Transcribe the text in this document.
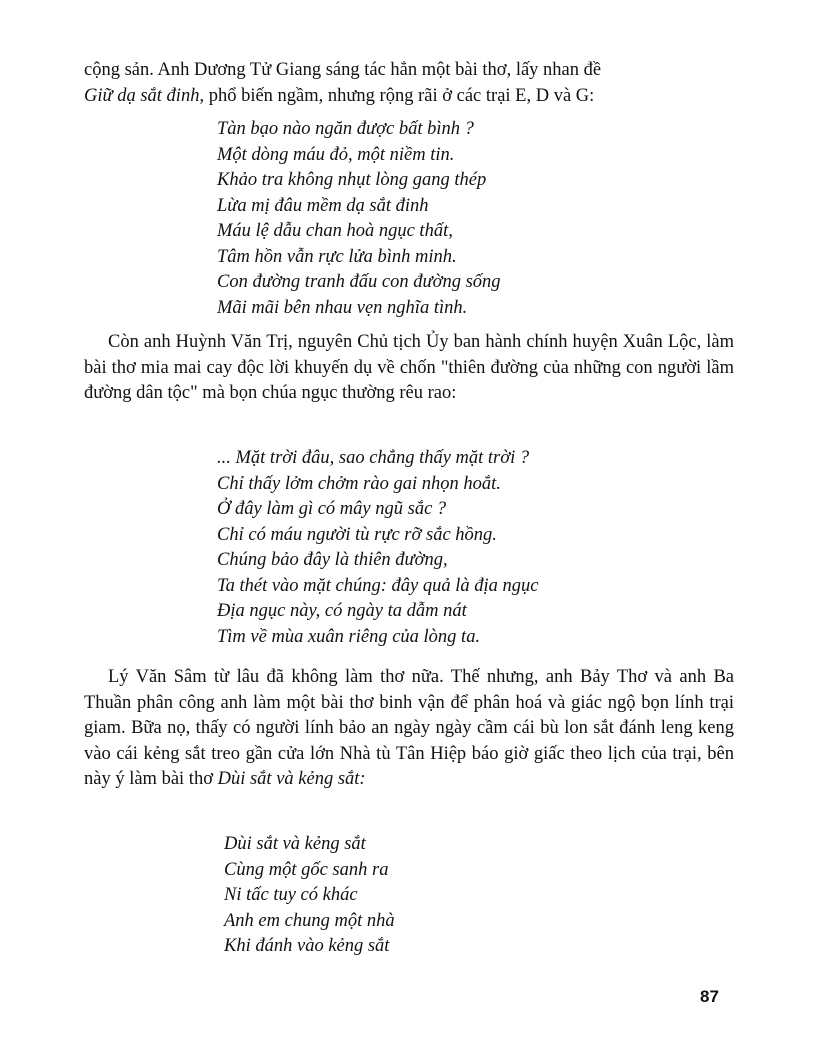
cộng sản. Anh Dương Tử Giang sáng tác hẳn một bài thơ, lấy nhan đề
Giữ dạ sắt đinh, phổ biến ngầm, nhưng rộng rãi ở các trại E, D và G:

Tàn bạo nào ngăn được bất bình ?
Một dòng máu đỏ, một niềm tin.
Khảo tra không nhụt lòng gang thép
Lừa mị đâu mềm dạ sắt đinh
Máu lệ dẫu chan hoà ngục thất,
Tâm hồn vẫn rực lửa bình minh.
Con đường tranh đấu con đường sống
Mãi mãi bên nhau vẹn nghĩa tình.

Còn anh Huỳnh Văn Trị, nguyên Chủ tịch Ủy ban hành chính huyện Xuân Lộc, làm bài thơ mia mai cay độc lời khuyến dụ về chốn "thiên đường của những con người lầm đường dân tộc" mà bọn chúa ngục thường rêu rao:

... Mặt trời đâu, sao chẳng thấy mặt trời ?
Chỉ thấy lởm chởm rào gai nhọn hoắt.
Ở đây làm gì có mây ngũ sắc ?
Chỉ có máu người tù rực rỡ sắc hồng.
Chúng bảo đây là thiên đường,
Ta thét vào mặt chúng: đây quả là địa ngục
Địa ngục này, có ngày ta dẫm nát
Tìm về mùa xuân riêng của lòng ta.

Lý Văn Sâm từ lâu đã không làm thơ nữa. Thế nhưng, anh Bảy Thơ và anh Ba Thuần phân công anh làm một bài thơ binh vận để phân hoá và giác ngộ bọn lính trại giam. Bữa nọ, thấy có người lính bảo an ngày ngày cầm cái bù lon sắt đánh leng keng vào cái kẻng sắt treo gần cửa lớn Nhà tù Tân Hiệp báo giờ giấc theo lịch của trại, bên này ý làm bài thơ Dùi sắt và kẻng sắt:

Dùi sắt và kẻng sắt
Cùng một gốc sanh ra
Ni tấc tuy có khác
Anh em chung một nhà
Khi đánh vào kẻng sắt
87
